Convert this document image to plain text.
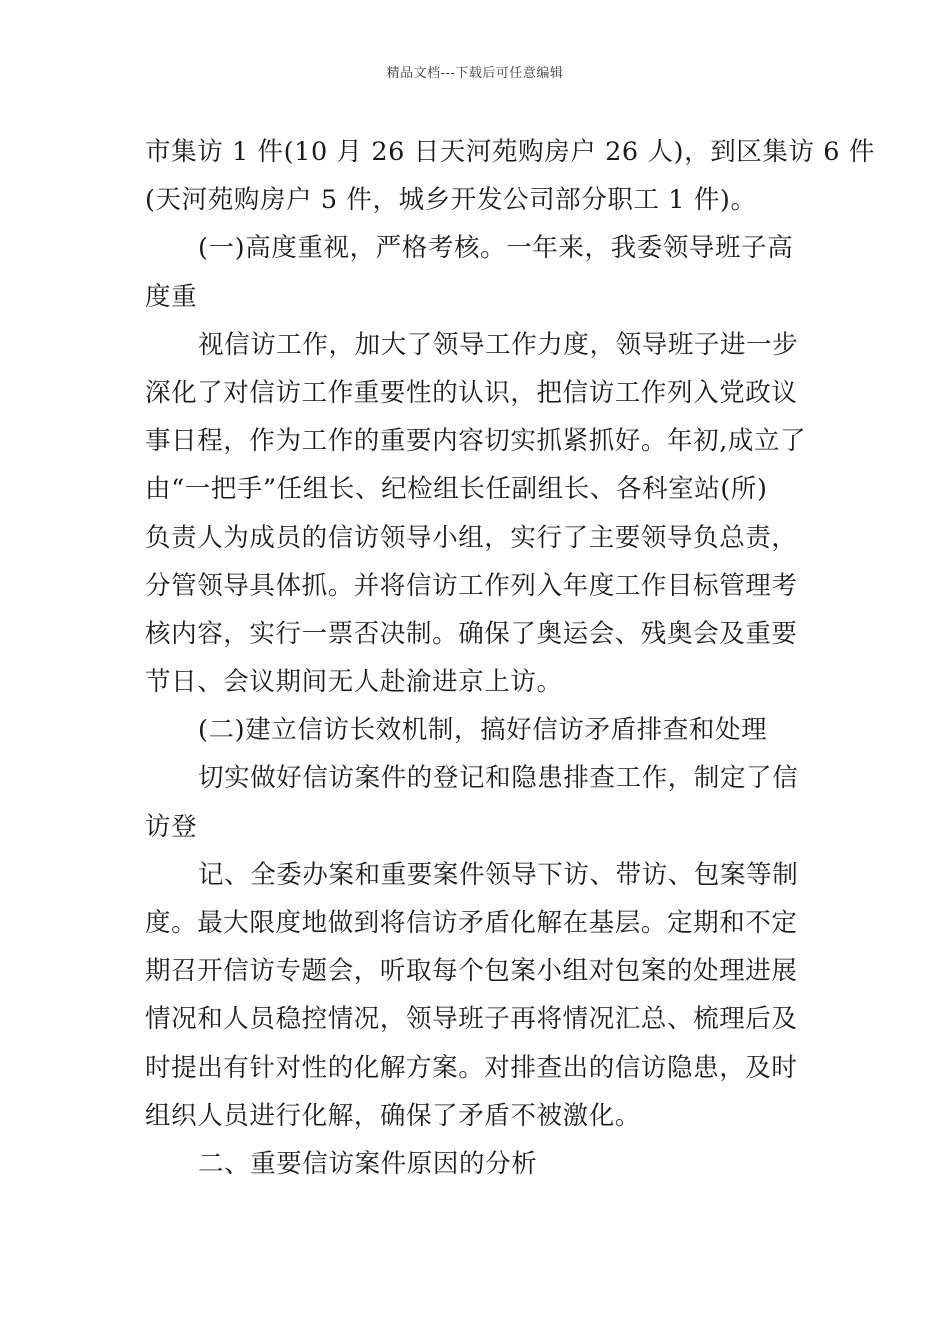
精品文档---下载后可任意编辑
市集访 1 件(10 月 26 日天河苑购房户 26 人)，到区集访 6 件
(天河苑购房户 5 件，城乡开发公司部分职工 1 件)。
(一)高度重视，严格考核。一年来，我委领导班子高
度重
视信访工作，加大了领导工作力度，领导班子进一步
深化了对信访工作重要性的认识，把信访工作列入党政议
事日程，作为工作的重要内容切实抓紧抓好。年初,成立了
由“一把手”任组长、纪检组长任副组长、各科室站(所)
负责人为成员的信访领导小组，实行了主要领导负总责，
分管领导具体抓。并将信访工作列入年度工作目标管理考
核内容，实行一票否决制。确保了奥运会、残奥会及重要
节日、会议期间无人赴渝进京上访。
(二)建立信访长效机制，搞好信访矛盾排查和处理
切实做好信访案件的登记和隐患排查工作，制定了信
访登
记、全委办案和重要案件领导下访、带访、包案等制
度。最大限度地做到将信访矛盾化解在基层。定期和不定
期召开信访专题会，听取每个包案小组对包案的处理进展
情况和人员稳控情况，领导班子再将情况汇总、梳理后及
时提出有针对性的化解方案。对排查出的信访隐患，及时
组织人员进行化解，确保了矛盾不被激化。
二、重要信访案件原因的分析
